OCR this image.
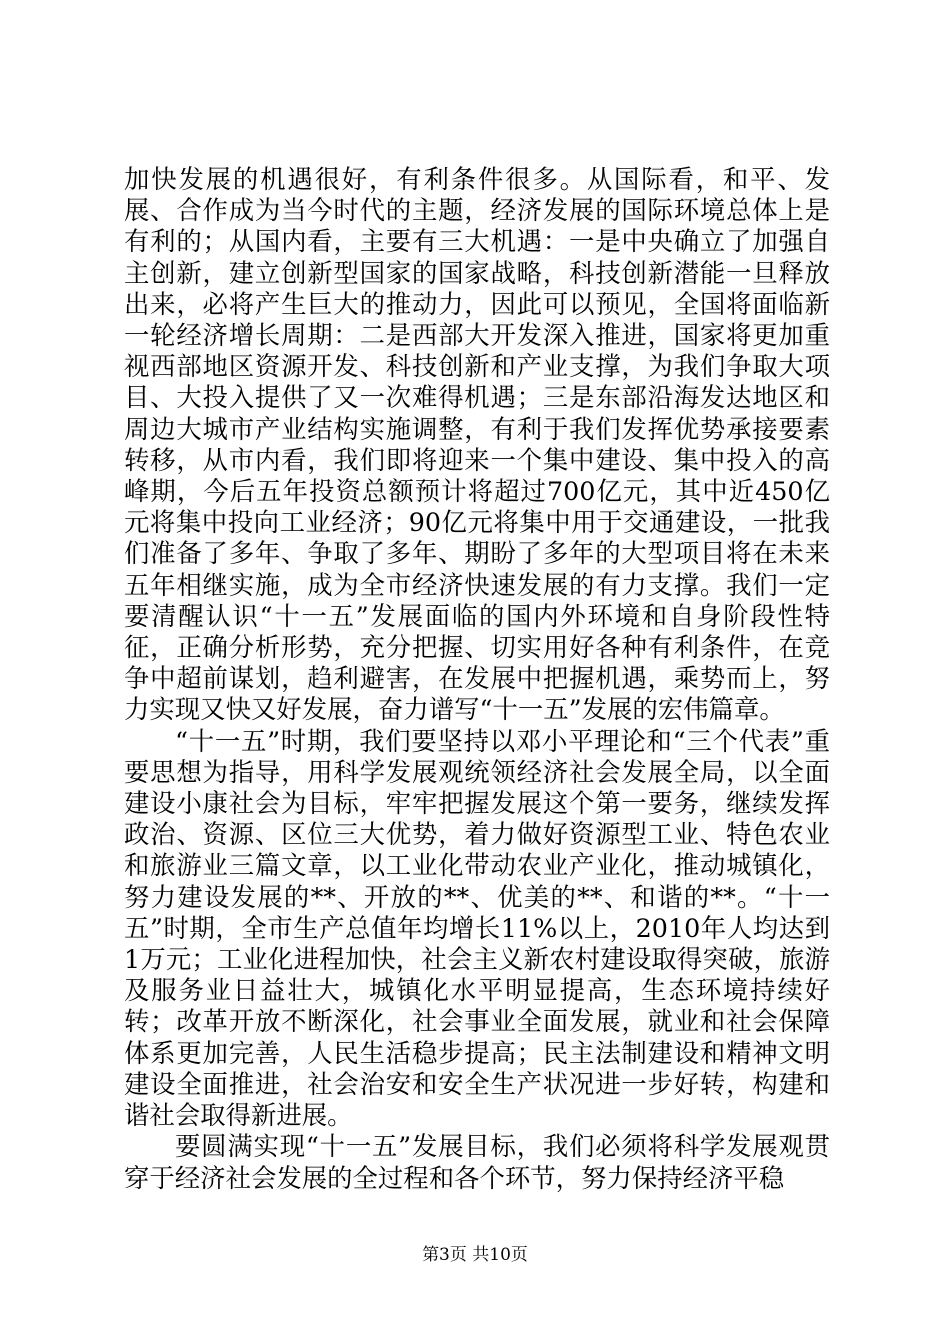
加快发展的机遇很好，有利条件很多。从国际看，和平、发展、合作成为当今时代的主题，经济发展的国际环境总体上是有利的；从国内看，主要有三大机遇：一是中央确立了加强自主创新，建立创新型国家的国家战略，科技创新潜能一旦释放出来，必将产生巨大的推动力，因此可以预见，全国将面临新一轮经济增长周期：二是西部大开发深入推进，国家将更加重视西部地区资源开发、科技创新和产业支撑，为我们争取大项目、大投入提供了又一次难得机遇；三是东部沿海发达地区和周边大城市产业结构实施调整，有利于我们发挥优势承接要素转移，从市内看，我们即将迎来一个集中建设、集中投入的高峰期，今后五年投资总额预计将超过700亿元，其中近450亿元将集中投向工业经济；90亿元将集中用于交通建设，一批我们准备了多年、争取了多年、期盼了多年的大型项目将在未来五年相继实施，成为全市经济快速发展的有力支撑。我们一定要清醒认识“十一五”发展面临的国内外环境和自身阶段性特征，正确分析形势，充分把握、切实用好各种有利条件，在竞争中超前谋划，趋利避害，在发展中把握机遇，乘势而上，努力实现又快又好发展，奋力谱写“十一五”发展的宏伟篇章。

“十一五”时期，我们要坚持以邓小平理论和“三个代表”重要思想为指导，用科学发展观统领经济社会发展全局，以全面建设小康社会为目标，牢牢把握发展这个第一要务，继续发挥政治、资源、区位三大优势，着力做好资源型工业、特色农业和旅游业三篇文章，以工业化带动农业产业化，推动城镇化，努力建设发展的**、开放的**、优美的**、和谐的**。“十一五”时期，全市生产总值年均增长11%以上，2010年人均达到1万元；工业化进程加快，社会主义新农村建设取得突破，旅游及服务业日益壮大，城镇化水平明显提高，生态环境持续好转；改革开放不断深化，社会事业全面发展，就业和社会保障体系更加完善，人民生活稳步提高；民主法制建设和精神文明建设全面推进，社会治安和安全生产状况进一步好转，构建和谐社会取得新进展。

要圆满实现“十一五”发展目标，我们必须将科学发展观贯穿于经济社会发展的全过程和各个环节，努力保持经济平稳

第3页 共10页
